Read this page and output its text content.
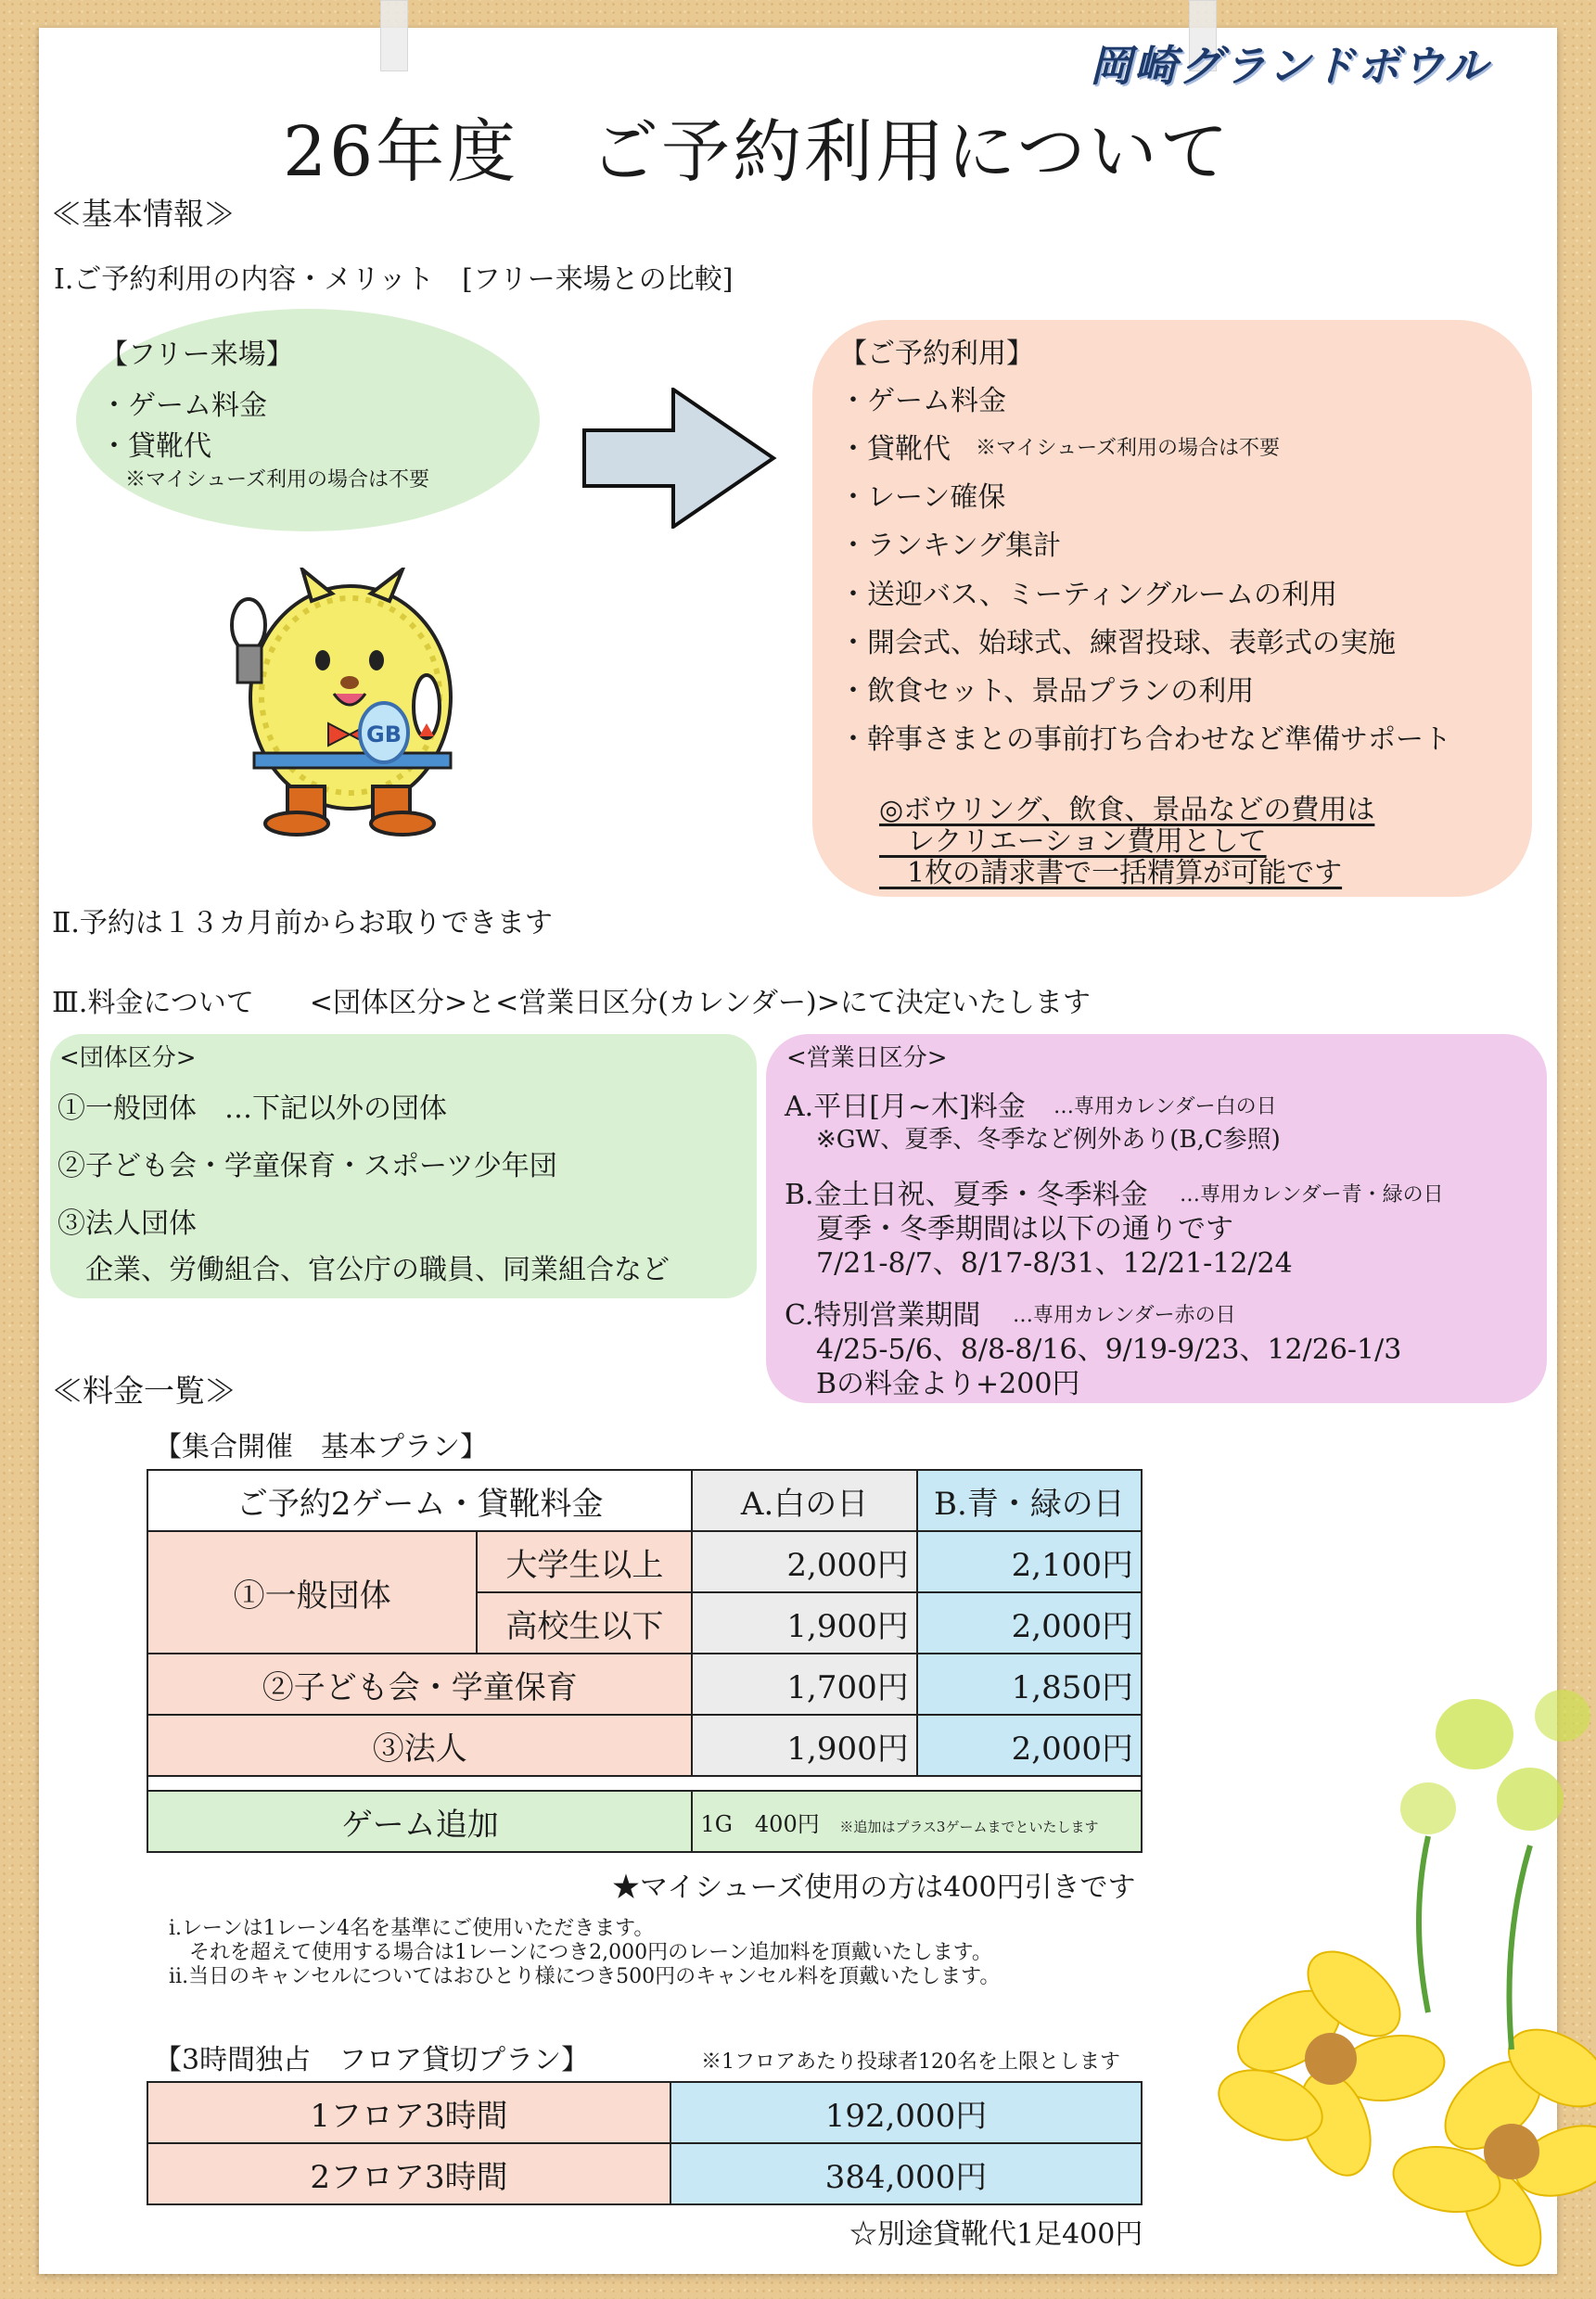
岡崎グランドボウル
26年度　ご予約利用について
≪基本情報≫
Ⅰ.ご予約利用の内容・メリット　[フリー来場との比較]
【フリー来場】
・ゲーム料金
・貸靴代
※マイシューズ利用の場合は不要
GB
【ご予約利用】
・ゲーム料金
・貸靴代 ※マイシューズ利用の場合は不要
・レーン確保
・ランキング集計
・送迎バス、ミーティングルームの利用
・開会式、始球式、練習投球、表彰式の実施
・飲食セット、景品プランの利用
・幹事さまとの事前打ち合わせなど準備サポート
◎ボウリング、飲食、景品などの費用は
　レクリエーション費用として
　1枚の請求書で一括精算が可能です
Ⅱ.予約は１３カ月前からお取りできます
Ⅲ.料金について　　<団体区分>と<営業日区分(カレンダー)>にて決定いたします
<団体区分>
①一般団体　…下記以外の団体
②子ども会・学童保育・スポーツ少年団
③法人団体
　企業、労働組合、官公庁の職員、同業組合など
<営業日区分>
A.平日[月~木]料金 …専用カレンダー白の日
※GW、夏季、冬季など例外あり(B,C参照)
B.金土日祝、夏季・冬季料金 …専用カレンダー青・緑の日
夏季・冬季期間は以下の通りです
7/21-8/7、8/17-8/31、12/21-12/24
C.特別営業期間 …専用カレンダー赤の日
4/25-5/6、8/8-8/16、9/19-9/23、12/26-1/3
Bの料金より+200円
≪料金一覧≫
【集合開催　基本プラン】
ご予約2ゲーム・貸靴料金		A.白の日	B.青・緑の日
①一般団体	大学生以上	2,000円	2,100円
	高校生以下	1,900円	2,000円
②子ども会・学童保育		1,700円	1,850円
③法人		1,900円	2,000円

ゲーム追加		1G　400円 ※追加はプラス3ゲームまでといたします	
★マイシューズ使用の方は400円引きです
ⅰ.レーンは1レーン4名を基準にご使用いただきます。
　それを超えて使用する場合は1レーンにつき2,000円のレーン追加料を頂戴いたします。
ⅱ.当日のキャンセルについてはおひとり様につき500円のキャンセル料を頂戴いたします。
【3時間独占　フロア貸切プラン】	※1フロアあたり投球者120名を上限とします
1フロア3時間	192,000円
2フロア3時間	384,000円
☆別途貸靴代1足400円
